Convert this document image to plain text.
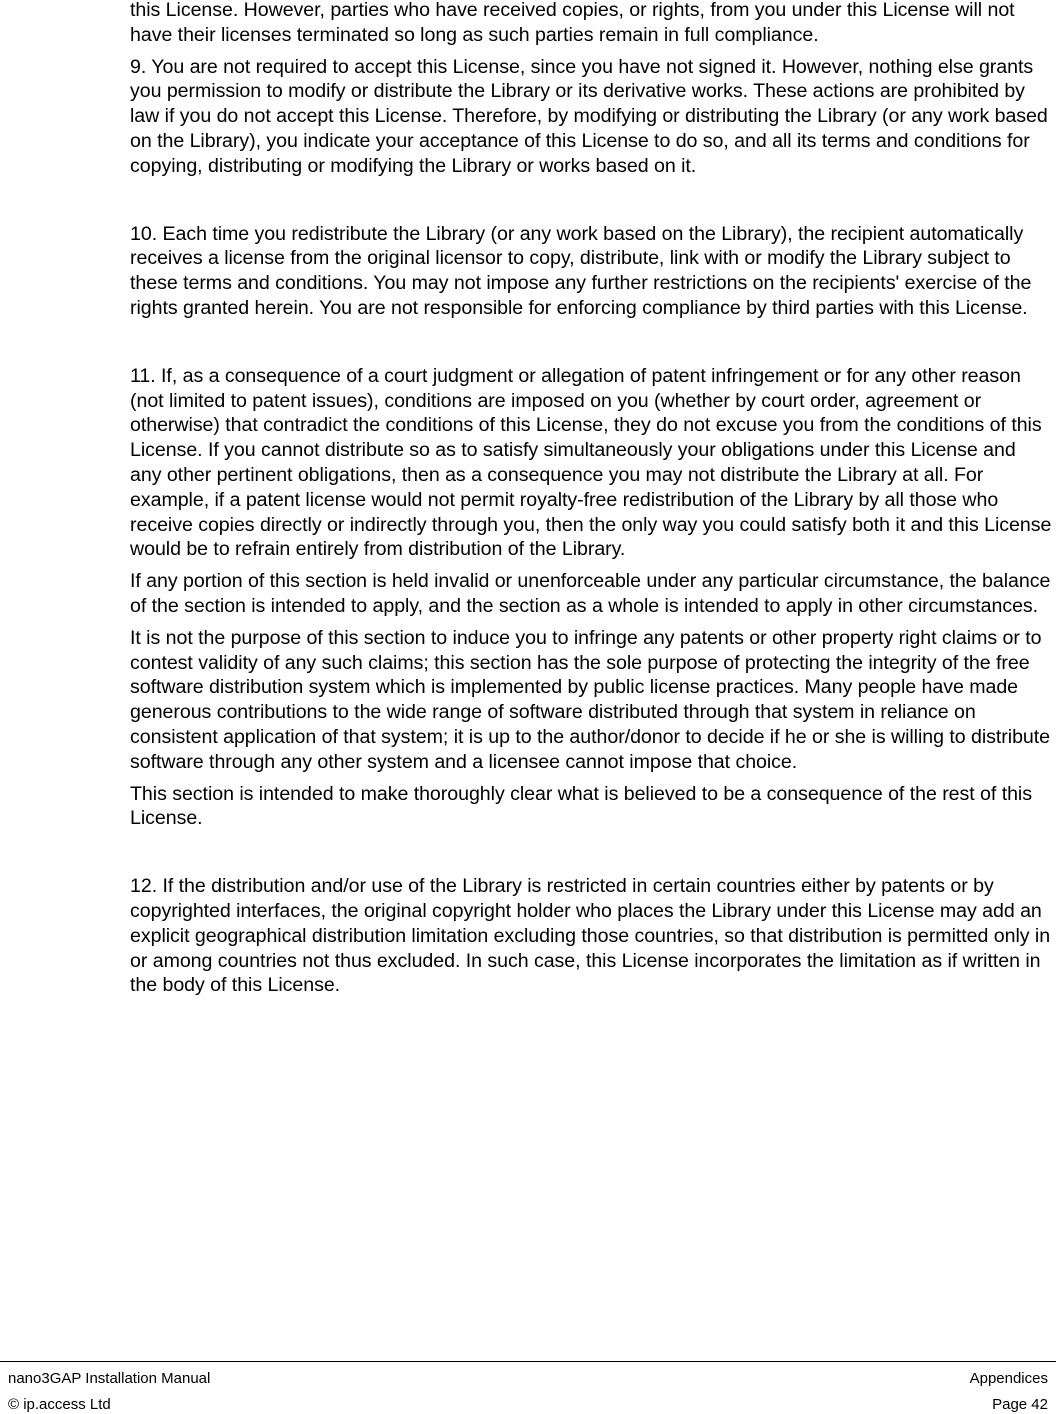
this License. However, parties who have received copies, or rights, from you under this License will not have their licenses terminated so long as such parties remain in full compliance.

9. You are not required to accept this License, since you have not signed it. However, nothing else grants you permission to modify or distribute the Library or its derivative works. These actions are prohibited by law if you do not accept this License. Therefore, by modifying or distributing the Library (or any work based on the Library), you indicate your acceptance of this License to do so, and all its terms and conditions for copying, distributing or modifying the Library or works based on it.

10. Each time you redistribute the Library (or any work based on the Library), the recipient automatically receives a license from the original licensor to copy, distribute, link with or modify the Library subject to these terms and conditions. You may not impose any further restrictions on the recipients' exercise of the rights granted herein. You are not responsible for enforcing compliance by third parties with this License.

11. If, as a consequence of a court judgment or allegation of patent infringement or for any other reason (not limited to patent issues), conditions are imposed on you (whether by court order, agreement or otherwise) that contradict the conditions of this License, they do not excuse you from the conditions of this License. If you cannot distribute so as to satisfy simultaneously your obligations under this License and any other pertinent obligations, then as a consequence you may not distribute the Library at all. For example, if a patent license would not permit royalty-free redistribution of the Library by all those who receive copies directly or indirectly through you, then the only way you could satisfy both it and this License would be to refrain entirely from distribution of the Library.

If any portion of this section is held invalid or unenforceable under any particular circumstance, the balance of the section is intended to apply, and the section as a whole is intended to apply in other circumstances.

It is not the purpose of this section to induce you to infringe any patents or other property right claims or to contest validity of any such claims; this section has the sole purpose of protecting the integrity of the free software distribution system which is implemented by public license practices. Many people have made generous contributions to the wide range of software distributed through that system in reliance on consistent application of that system; it is up to the author/donor to decide if he or she is willing to distribute software through any other system and a licensee cannot impose that choice.

This section is intended to make thoroughly clear what is believed to be a consequence of the rest of this License.

12. If the distribution and/or use of the Library is restricted in certain countries either by patents or by copyrighted interfaces, the original copyright holder who places the Library under this License may add an explicit geographical distribution limitation excluding those countries, so that distribution is permitted only in or among countries not thus excluded. In such case, this License incorporates the limitation as if written in the body of this License.

nano3GAP Installation Manual	Appendices
© ip.access Ltd	Page 42
